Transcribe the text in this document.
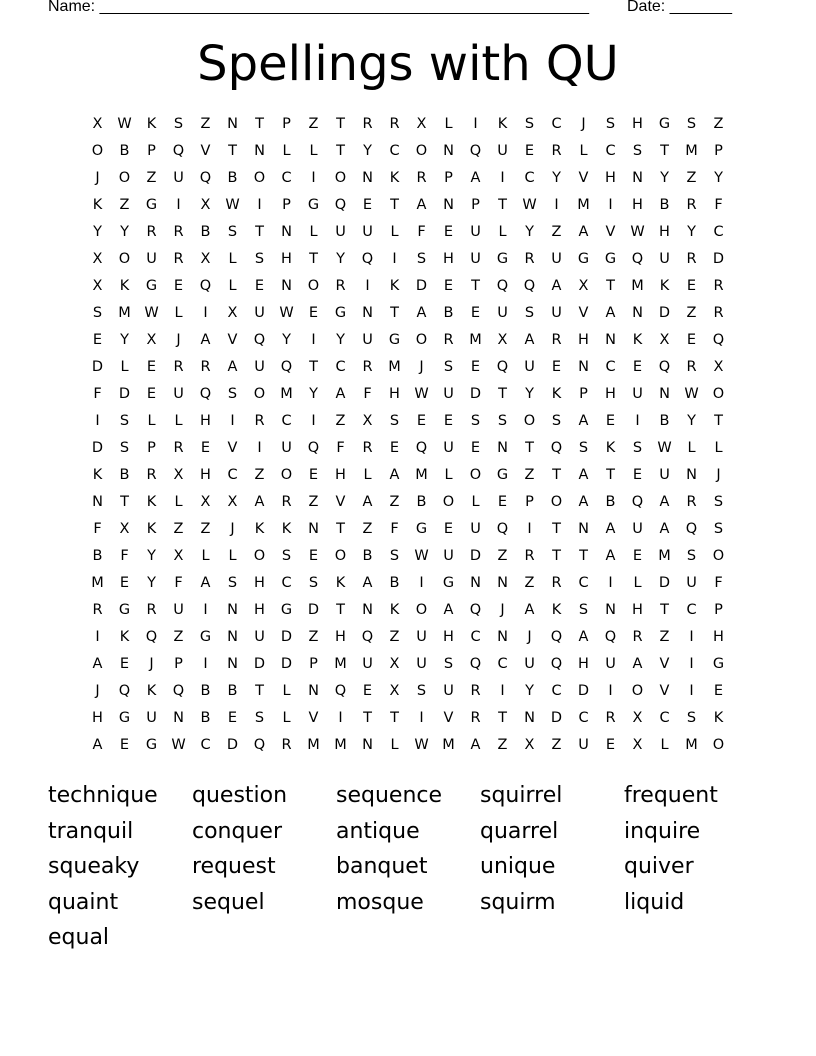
Name: _______________________________________________________ Date: _______
Spellings with QU
X W K S Z N T P Z T R R X L I K S C J S H G S Z
O B P Q V T N L L T Y C O N Q U E R L C S T M P
J O Z U Q B O C I O N K R P A I C Y V H N Y Z Y
K Z G I X W I P G Q E T A N P T W I M I H B R F
Y Y R R B S T N L U U L F E U L Y Z A V W H Y C
X O U R X L S H T Y Q I S H U G R U G G Q U R D
X K G E Q L E N O R I K D E T Q Q A X T M K E R
S M W L I X U W E G N T A B E U S U V A N D Z R
E Y X J A V Q Y I Y U G O R M X A R H N K X E Q
D L E R R A U Q T C R M J S E Q U E N C E Q R X
F D E U Q S O M Y A F H W U D T Y K P H U N W O
I S L L H I R C I Z X S E E S S O S A E I B Y T
D S P R E V I U Q F R E Q U E N T Q S K S W L L
K B R X H C Z O E H L A M L O G Z T A T E U N J
N T K L X X A R Z V A Z B O L E P O A B Q A R S
F X K Z Z J K K N T Z F G E U Q I T N A U A Q S
B F Y X L L O S E O B S W U D Z R T T A E M S O
M E Y F A S H C S K A B I G N N Z R C I L D U F
R G R U I N H G D T N K O A Q J A K S N H T C P
I K Q Z G N U D Z H Q Z U H C N J Q A Q R Z I H
A E J P I N D D P M U X U S Q C U Q H U A V I G
J Q K Q B B T L N Q E X S U R I Y C D I O V I E
H G U N B E S L V I T T I V R T N D C R X C S K
A E G W C D Q R M M N L W M A Z X Z U E X L M O
technique question sequence squirrel	frequent
tranquil	conquer antique	quarrel	inquire
squeaky request	banquet unique	quiver
quaint	sequel	mosque	squirm	liquid
equal
